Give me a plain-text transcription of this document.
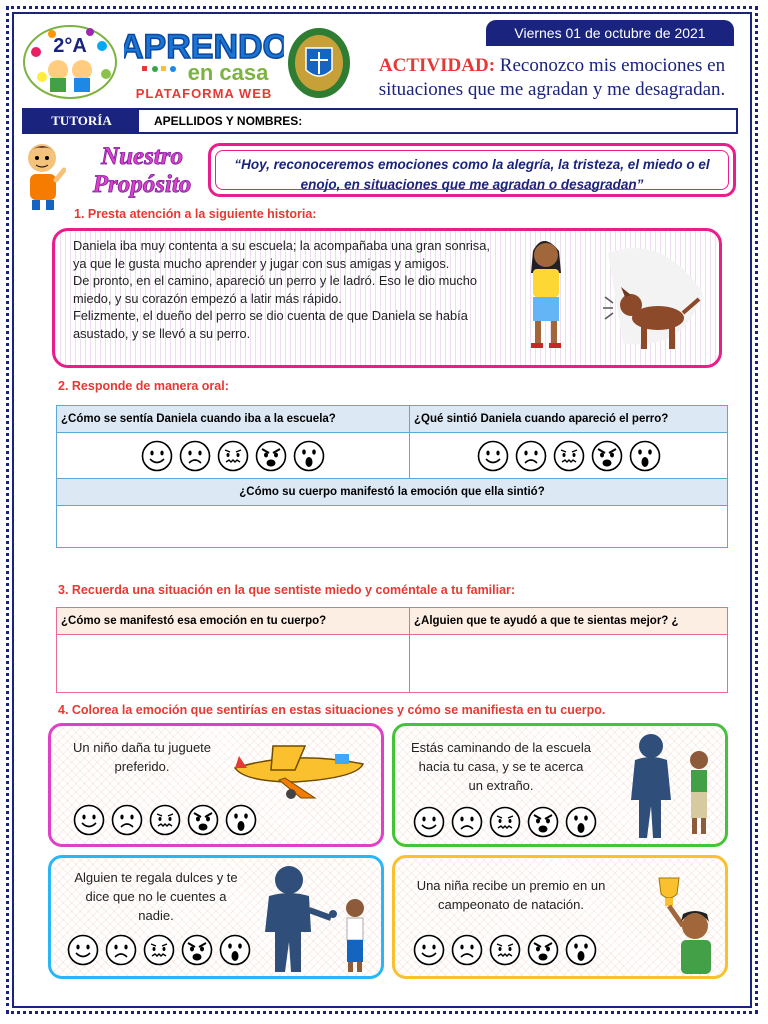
Viernes 01 de octubre de 2021
2°A APRENDO
en casa
PLATAFORMA WEB
ACTIVIDAD: Reconozco mis emociones en situaciones que me agradan y me desagradan.
TUTORÍA	APELLIDOS Y NOMBRES:
Nuestro
Propósito
“Hoy, reconoceremos emociones como la alegría, la tristeza, el miedo o el enojo, en situaciones que me agradan o desagradan”
1. Presta atención a la siguiente historia:
Daniela iba muy contenta a su escuela; la acompañaba una gran sonrisa, ya que le gusta mucho aprender y jugar con sus amigas y amigos.
De pronto, en el camino, apareció un perro y le ladró. Eso le dio mucho miedo, y su corazón empezó a latir más rápido.
Felizmente, el dueño del perro se dio cuenta de que Daniela se había asustado, y se llevó a su perro.
2. Responde de manera oral:
¿Cómo se sentía Daniela cuando iba a la escuela?	¿Qué sintió Daniela cuando apareció el perro?

¿Cómo su cuerpo manifestó la emoción que ella sintió?	

3. Recuerda una situación en la que sentiste miedo y coméntale a tu familiar:
¿Cómo se manifestó esa emoción en tu cuerpo?	¿Alguien que te ayudó a que te sientas mejor? ¿

4. Colorea la emoción que sentirías en estas situaciones y cómo se manifiesta en tu cuerpo.
Un niño daña tu juguete preferido.
Estás caminando de la escuela hacia tu casa, y se te acerca un extraño.
Alguien te regala dulces y te dice que no le cuentes a nadie.
Una niña recibe un premio en un campeonato de natación.
